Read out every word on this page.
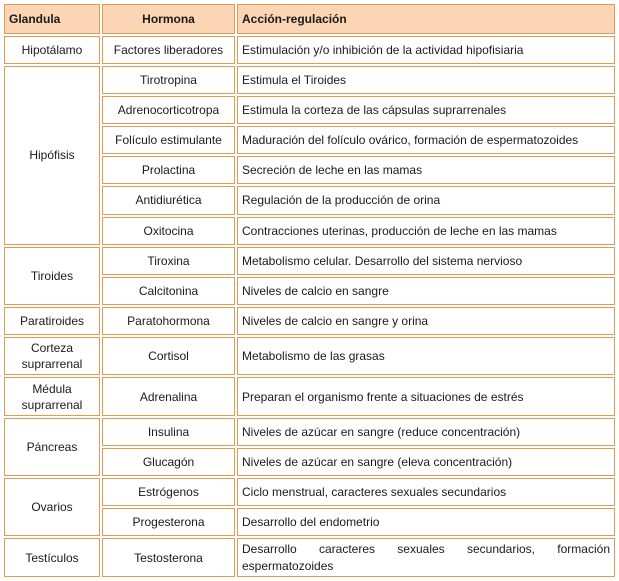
Glandula	Hormona	Acción-regulación
Hipotálamo	Factores liberadores	Estimulación y/o inhibición de la actividad hipofisiaria
Hipófisis	Tirotropina	Estimula el Tiroides
	Adrenocorticotropa	Estimula la corteza de las cápsulas suprarrenales
	Folículo estimulante	Maduración del folículo ovárico, formación de espermatozoides
	Prolactina	Secreción de leche en las mamas
	Antidiurética	Regulación de la producción de orina
	Oxitocina	Contracciones uterinas, producción de leche en las mamas
Tiroides	Tiroxina	Metabolismo celular. Desarrollo del sistema nervioso
	Calcitonina	Niveles de calcio en sangre
Paratiroides	Paratohormona	Niveles de calcio en sangre y orina
Corteza suprarrenal	Cortisol	Metabolismo de las grasas
Médula suprarrenal	Adrenalina	Preparan el organismo frente a situaciones de estrés
Páncreas	Insulina	Niveles de azúcar en sangre (reduce concentración)
	Glucagón	Niveles de azúcar en sangre (eleva concentración)
Ovarios	Estrógenos	Ciclo menstrual, caracteres sexuales secundarios
	Progesterona	Desarrollo del endometrio
Testículos	Testosterona	Desarrollo caracteres sexuales secundarios, formación espermatozoides
